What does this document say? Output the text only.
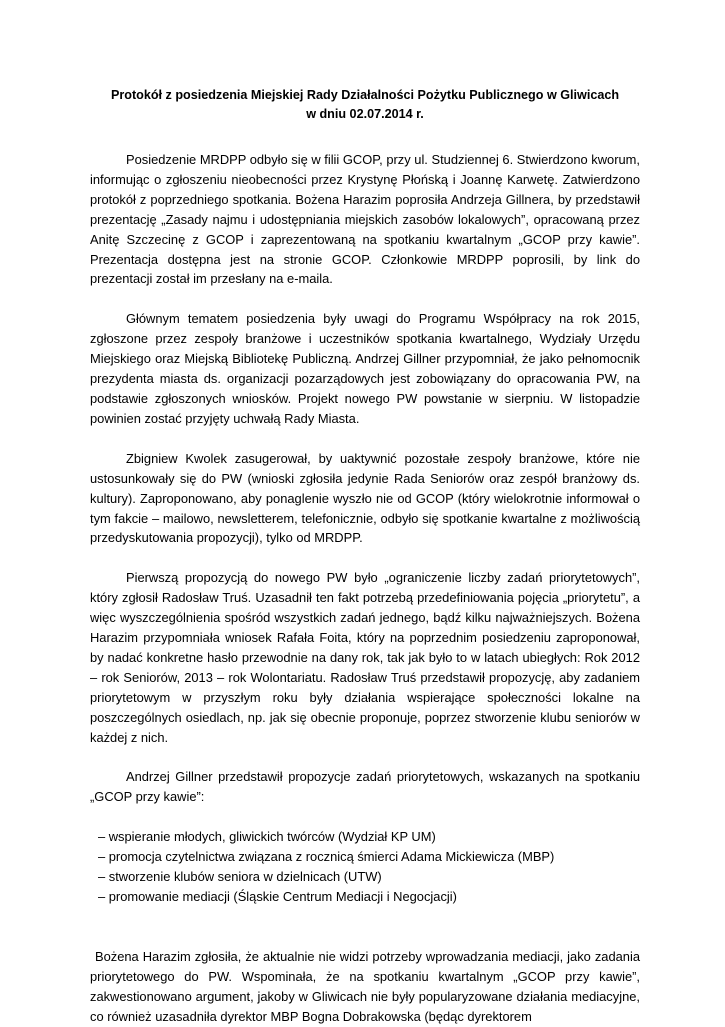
Protokół z posiedzenia Miejskiej Rady Działalności Pożytku Publicznego w Gliwicach

w dniu 02.07.2014 r.

Posiedzenie MRDPP odbyło się w filii GCOP, przy ul. Studziennej 6. Stwierdzono kworum, informując o zgłoszeniu nieobecności przez Krystynę Płońską i Joannę Karwetę. Zatwierdzono protokół z poprzedniego spotkania. Bożena Harazim poprosiła Andrzeja Gillnera, by przedstawił prezentację „Zasady najmu i udostępniania miejskich zasobów lokalowych”, opracowaną przez Anitę Szczecinę z GCOP i zaprezentowaną na spotkaniu kwartalnym „GCOP przy kawie”. Prezentacja dostępna jest na stronie GCOP. Członkowie MRDPP poprosili, by link do prezentacji został im przesłany na e-maila.

Głównym tematem posiedzenia były uwagi do Programu Współpracy na rok 2015, zgłoszone przez zespoły branżowe i uczestników spotkania kwartalnego, Wydziały Urzędu Miejskiego oraz Miejską Bibliotekę Publiczną. Andrzej Gillner przypomniał, że jako pełnomocnik prezydenta miasta ds. organizacji pozarządowych jest zobowiązany do opracowania PW, na podstawie zgłoszonych wniosków. Projekt nowego PW powstanie w sierpniu. W listopadzie powinien zostać przyjęty uchwałą Rady Miasta.

Zbigniew Kwolek zasugerował, by uaktywnić pozostałe zespoły branżowe, które nie ustosunkowały się do PW (wnioski zgłosiła jedynie Rada Seniorów oraz zespół branżowy ds. kultury). Zaproponowano, aby ponaglenie wyszło nie od GCOP (który wielokrotnie informował o tym fakcie – mailowo, newsletterem, telefonicznie, odbyło się spotkanie kwartalne z możliwością przedyskutowania propozycji), tylko od MRDPP.

Pierwszą propozycją do nowego PW było „ograniczenie liczby zadań priorytetowych”, który zgłosił Radosław Truś. Uzasadnił ten fakt potrzebą przedefiniowania pojęcia „priorytetu”, a więc wyszczególnienia spośród wszystkich zadań jednego, bądź kilku najważniejszych. Bożena Harazim przypomniała wniosek Rafała Foita, który na poprzednim posiedzeniu zaproponował, by nadać konkretne hasło przewodnie na dany rok, tak jak było to w latach ubiegłych: Rok 2012 – rok Seniorów, 2013 – rok Wolontariatu. Radosław Truś przedstawił propozycję, aby zadaniem priorytetowym w przyszłym roku były działania wspierające społeczności lokalne na poszczególnych osiedlach, np. jak się obecnie proponuje, poprzez stworzenie klubu seniorów w każdej z nich.

Andrzej Gillner przedstawił propozycje zadań priorytetowych, wskazanych na spotkaniu „GCOP przy kawie”:

– wspieranie młodych, gliwickich twórców (Wydział KP UM)
– promocja czytelnictwa związana z rocznicą śmierci Adama Mickiewicza (MBP)
– stworzenie klubów seniora w dzielnicach (UTW)
– promowanie mediacji (Śląskie Centrum Mediacji i Negocjacji)

Bożena Harazim zgłosiła, że aktualnie nie widzi potrzeby wprowadzania mediacji, jako zadania priorytetowego do PW. Wspominała, że na spotkaniu kwartalnym „GCOP przy kawie”, zakwestionowano argument, jakoby w Gliwicach nie były popularyzowane działania mediacyjne, co również uzasadniła dyrektor MBP Bogna Dobrakowska (będąc dyrektorem
